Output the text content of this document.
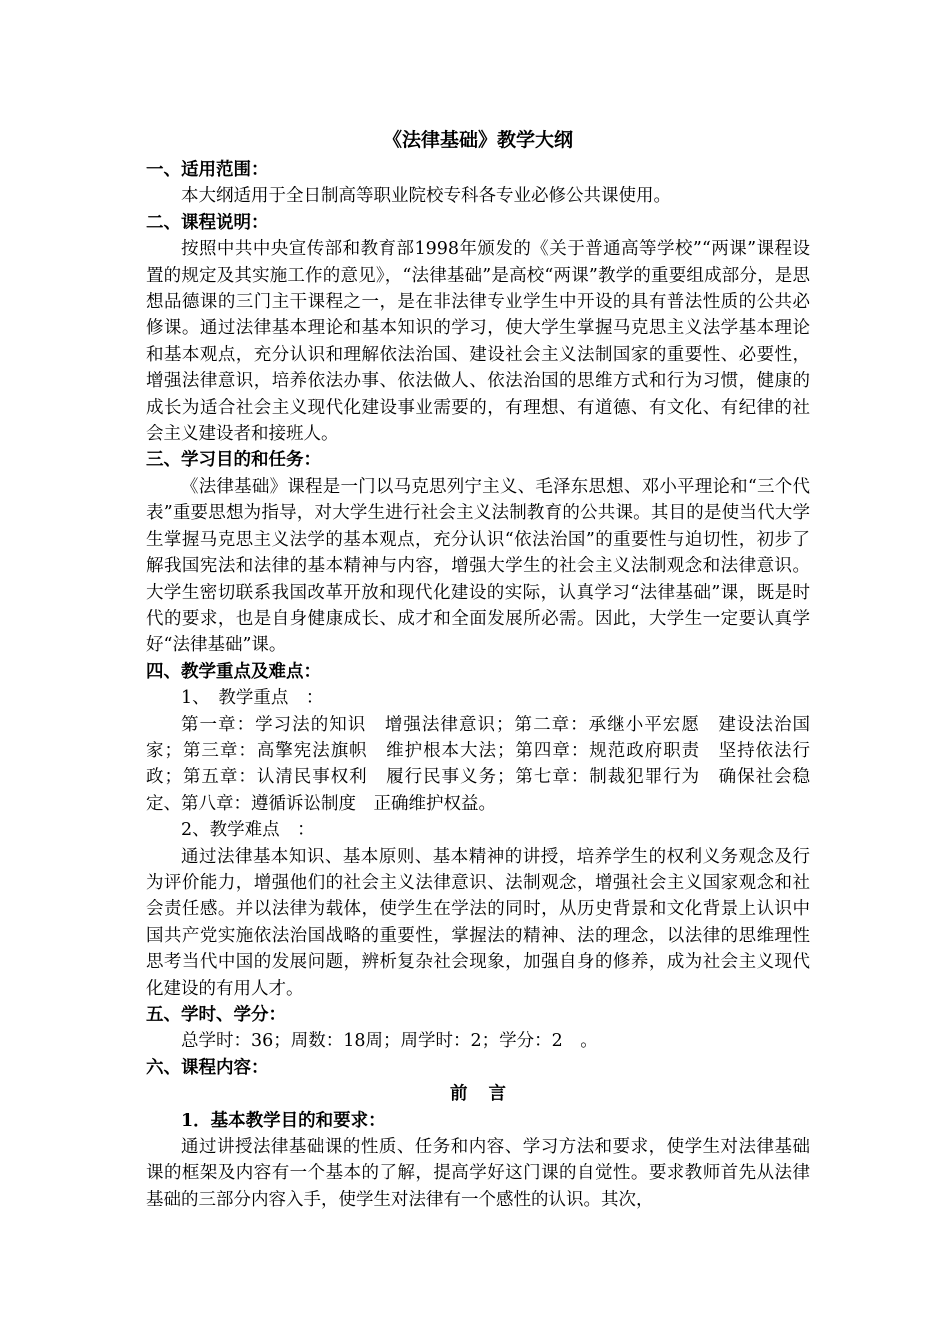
《法律基础》教学大纲
一、适用范围：
本大纲适用于全日制高等职业院校专科各专业必修公共课使用。
二、课程说明：
按照中共中央宣传部和教育部1998年颁发的《关于普通高等学校”“两课”课程设置的规定及其实施工作的意见》，“法律基础”是高校“两课”教学的重要组成部分，是思想品德课的三门主干课程之一，是在非法律专业学生中开设的具有普法性质的公共必修课。通过法律基本理论和基本知识的学习，使大学生掌握马克思主义法学基本理论和基本观点，充分认识和理解依法治国、建设社会主义法制国家的重要性、必要性，增强法律意识，培养依法办事、依法做人、依法治国的思维方式和行为习惯，健康的成长为适合社会主义现代化建设事业需要的，有理想、有道德、有文化、有纪律的社会主义建设者和接班人。
三、学习目的和任务：
《法律基础》课程是一门以马克思列宁主义、毛泽东思想、邓小平理论和“三个代表”重要思想为指导，对大学生进行社会主义法制教育的公共课。其目的是使当代大学生掌握马克思主义法学的基本观点，充分认识“依法治国”的重要性与迫切性，初步了解我国宪法和法律的基本精神与内容，增强大学生的社会主义法制观念和法律意识。大学生密切联系我国改革开放和现代化建设的实际，认真学习“法律基础”课，既是时代的要求，也是自身健康成长、成才和全面发展所必需。因此，大学生一定要认真学好“法律基础”课。
四、教学重点及难点：
1、　教学重点　：
第一章：学习法的知识　增强法律意识；第二章：承继小平宏愿　建设法治国家；第三章：高擎宪法旗帜　维护根本大法；第四章：规范政府职责　坚持依法行政；第五章：认清民事权利　履行民事义务；第七章：制裁犯罪行为　确保社会稳定、第八章：遵循诉讼制度　正确维护权益。
2、教学难点　：
通过法律基本知识、基本原则、基本精神的讲授，培养学生的权利义务观念及行为评价能力，增强他们的社会主义法律意识、法制观念，增强社会主义国家观念和社会责任感。并以法律为载体，使学生在学法的同时，从历史背景和文化背景上认识中国共产党实施依法治国战略的重要性，掌握法的精神、法的理念，以法律的思维理性思考当代中国的发展问题，辨析复杂社会现象，加强自身的修养，成为社会主义现代化建设的有用人才。
五、学时、学分：
总学时：36；周数：18周；周学时：2；学分：2　。
六、课程内容：
前言
1．基本教学目的和要求：
通过讲授法律基础课的性质、任务和内容、学习方法和要求，使学生对法律基础课的框架及内容有一个基本的了解，提高学好这门课的自觉性。要求教师首先从法律基础的三部分内容入手，使学生对法律有一个感性的认识。其次，
